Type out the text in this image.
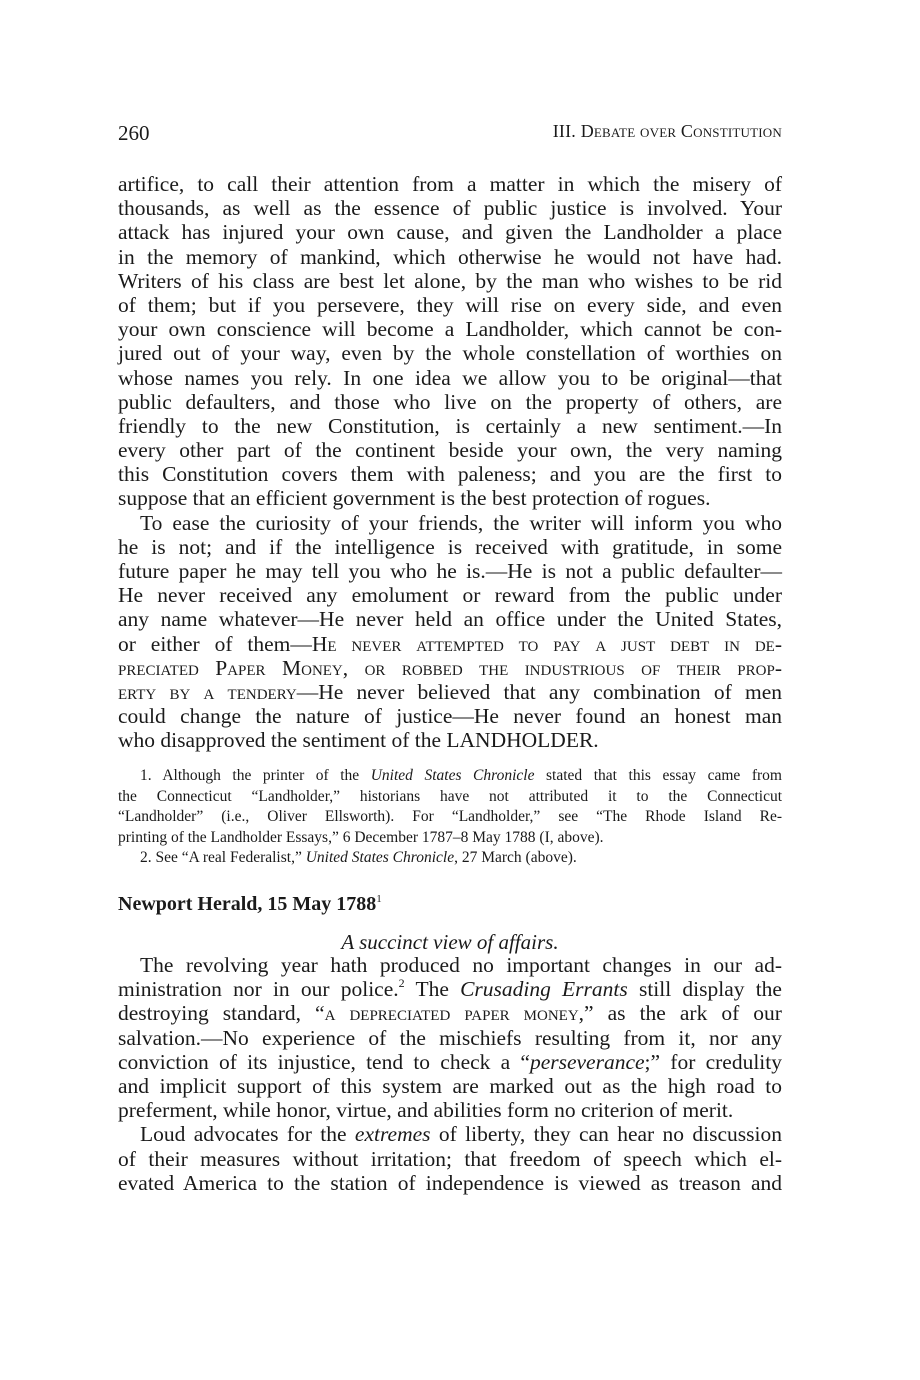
260	III. Debate over Constitution
artifice, to call their attention from a matter in which the misery of
thousands, as well as the essence of public justice is involved. Your
attack has injured your own cause, and given the Landholder a place
in the memory of mankind, which otherwise he would not have had.
Writers of his class are best let alone, by the man who wishes to be rid
of them; but if you persevere, they will rise on every side, and even
your own conscience will become a Landholder, which cannot be con-
jured out of your way, even by the whole constellation of worthies on
whose names you rely. In one idea we allow you to be original—that
public defaulters, and those who live on the property of others, are
friendly to the new Constitution, is certainly a new sentiment.—In
every other part of the continent beside your own, the very naming
this Constitution covers them with paleness; and you are the first to
suppose that an efficient government is the best protection of rogues.
To ease the curiosity of your friends, the writer will inform you who
he is not; and if the intelligence is received with gratitude, in some
future paper he may tell you who he is.—He is not a public defaulter—
He never received any emolument or reward from the public under
any name whatever—He never held an office under the United States,
or either of them—He never attempted to pay a just debt in de-
preciated Paper Money, or robbed the industrious of their prop-
erty by a tendery—He never believed that any combination of men
could change the nature of justice—He never found an honest man
who disapproved the sentiment of the LANDHOLDER.
1. Although the printer of the United States Chronicle stated that this essay came from
the Connecticut “Landholder,” historians have not attributed it to the Connecticut
“Landholder” (i.e., Oliver Ellsworth). For “Landholder,” see “The Rhode Island Re-
printing of the Landholder Essays,” 6 December 1787–8 May 1788 (I, above).
2. See “A real Federalist,” United States Chronicle, 27 March (above).
Newport Herald, 15 May 1788$^1$
A succinct view of affairs.
The revolving year hath produced no important changes in our ad-
ministration nor in our police.$^2$ The Crusading Errants still display the
destroying standard, “a depreciated paper money,” as the ark of our
salvation.—No experience of the mischiefs resulting from it, nor any
conviction of its injustice, tend to check a “perseverance;” for credulity
and implicit support of this system are marked out as the high road to
preferment, while honor, virtue, and abilities form no criterion of merit.
Loud advocates for the extremes of liberty, they can hear no discussion
of their measures without irritation; that freedom of speech which el-
evated America to the station of independence is viewed as treason and
